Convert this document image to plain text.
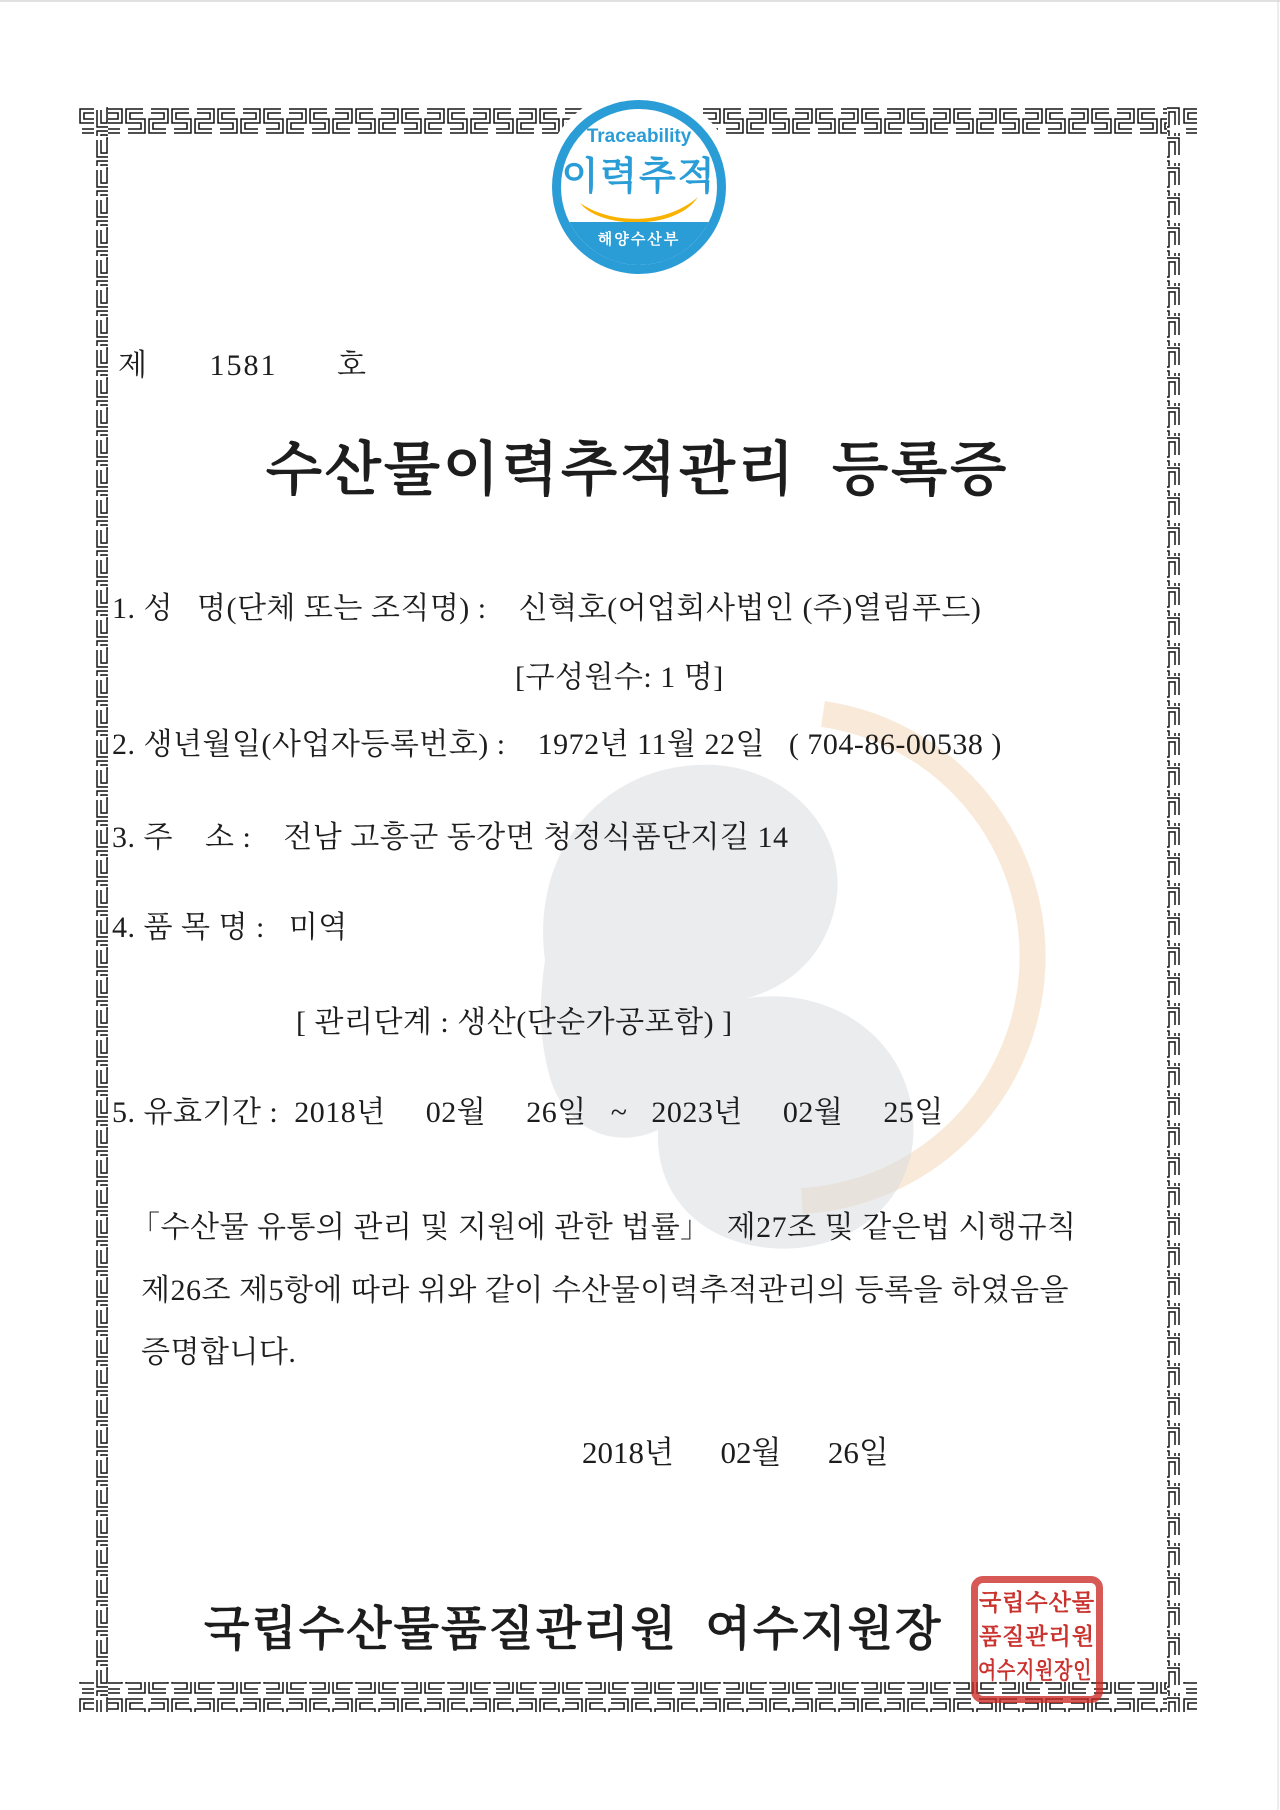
Traceability
이력추적
해양수산부
제 1581 호
수산물이력추적관리  등록증
1. 성   명(단체 또는 조직명) :    신혁호(어업회사법인 (주)열림푸드)
[구성원수: 1 명]
2. 생년월일(사업자등록번호) :    1972년 11월 22일   ( 704-86-00538 )
3. 주    소 :    전남 고흥군 동강면 청정식품단지길 14
4. 품 목 명 :   미역
[ 관리단계 : 생산(단순가공포함) ]
5. 유효기간 :  2018년     02월     26일   ~   2023년     02월     25일
「수산물 유통의 관리 및 지원에 관한 법률」  제27조 및 같은법 시행규칙
제26조 제5항에 따라 위와 같이 수산물이력추적관리의 등록을 하였음을
증명합니다.
2018년      02월      26일
국립수산물품질관리원  여수지원장
국립수산물
품질관리원
여수지원장인
